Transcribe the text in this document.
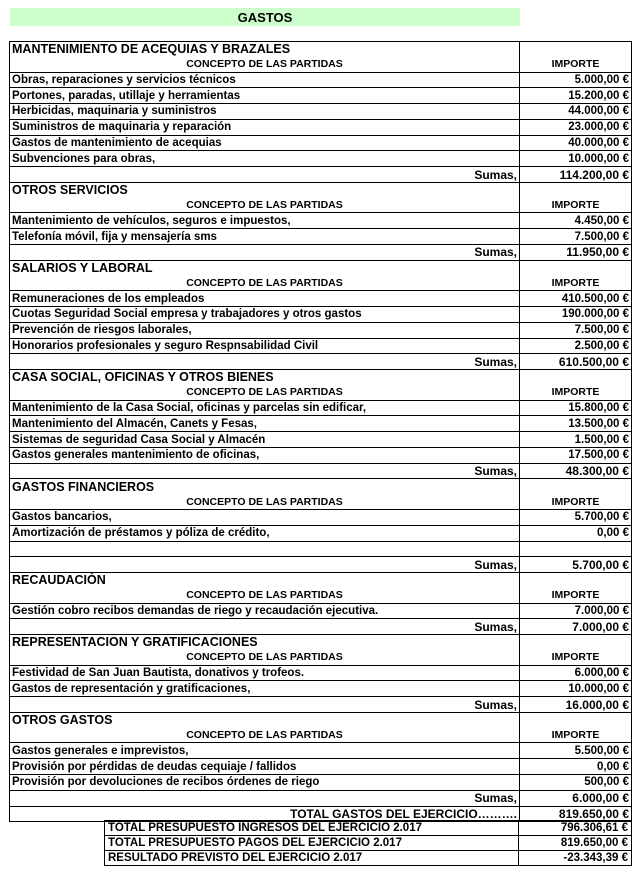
GASTOS
MANTENIMIENTO DE ACEQUIAS Y BRAZALES	
CONCEPTO DE LAS PARTIDAS	IMPORTE
Obras, reparaciones y servicios técnicos	5.000,00 €
Portones, paradas, utillaje y herramientas	15.200,00 €
Herbicidas, maquinaria y suministros	44.000,00 €
Suministros de maquinaria y reparación	23.000,00 €
Gastos de mantenimiento de acequias	40.000,00 €
Subvenciones para obras,	10.000,00 €
Sumas,	114.200,00 €
OTROS SERVICIOS	
CONCEPTO DE LAS PARTIDAS	IMPORTE
Mantenimiento de vehículos, seguros e impuestos,	4.450,00 €
Telefonía móvil, fija y mensajería sms	7.500,00 €
Sumas,	11.950,00 €
SALARIOS Y LABORAL	
CONCEPTO DE LAS PARTIDAS	IMPORTE
Remuneraciones de los empleados	410.500,00 €
Cuotas Seguridad Social empresa y trabajadores y otros gastos	190.000,00 €
Prevención de riesgos laborales,	7.500,00 €
Honorarios profesionales y seguro Respnsabilidad Civil	2.500,00 €
Sumas,	610.500,00 €
CASA SOCIAL, OFICINAS Y OTROS BIENES	
CONCEPTO DE LAS PARTIDAS	IMPORTE
Mantenimiento de la Casa Social, oficinas y parcelas sin edificar,	15.800,00 €
Mantenimiento del Almacén, Canets y Fesas,	13.500,00 €
Sistemas de seguridad Casa Social y Almacén	1.500,00 €
Gastos generales mantenimiento de oficinas,	17.500,00 €
Sumas,	48.300,00 €
GASTOS FINANCIEROS	
CONCEPTO DE LAS PARTIDAS	IMPORTE
Gastos bancarios,	5.700,00 €
Amortización de préstamos y póliza de crédito,	0,00 €

Sumas,	5.700,00 €
RECAUDACIÓN	
CONCEPTO DE LAS PARTIDAS	IMPORTE
Gestión cobro recibos demandas de riego y recaudación ejecutiva.	7.000,00 €
Sumas,	7.000,00 €
REPRESENTACION Y GRATIFICACIONES	
CONCEPTO DE LAS PARTIDAS	IMPORTE
Festividad de San Juan Bautista, donativos y trofeos.	6.000,00 €
Gastos de representación y gratificaciones,	10.000,00 €
Sumas,	16.000,00 €
OTROS GASTOS	
CONCEPTO DE LAS PARTIDAS	IMPORTE
Gastos generales e imprevistos,	5.500,00 €
Provisión por pérdidas de deudas cequiaje / fallidos	0,00 €
Provisión por devoluciones de recibos órdenes de riego	500,00 €
Sumas,	6.000,00 €
TOTAL GASTOS DEL EJERCICIO……….	819.650,00 €
TOTAL PRESUPUESTO INGRESOS DEL EJERCICIO 2.017	796.306,61 €
TOTAL PRESUPUESTO PAGOS DEL EJERCICIO 2.017	819.650,00 €
RESULTADO PREVISTO DEL EJERCICIO 2.017	-23.343,39 €
